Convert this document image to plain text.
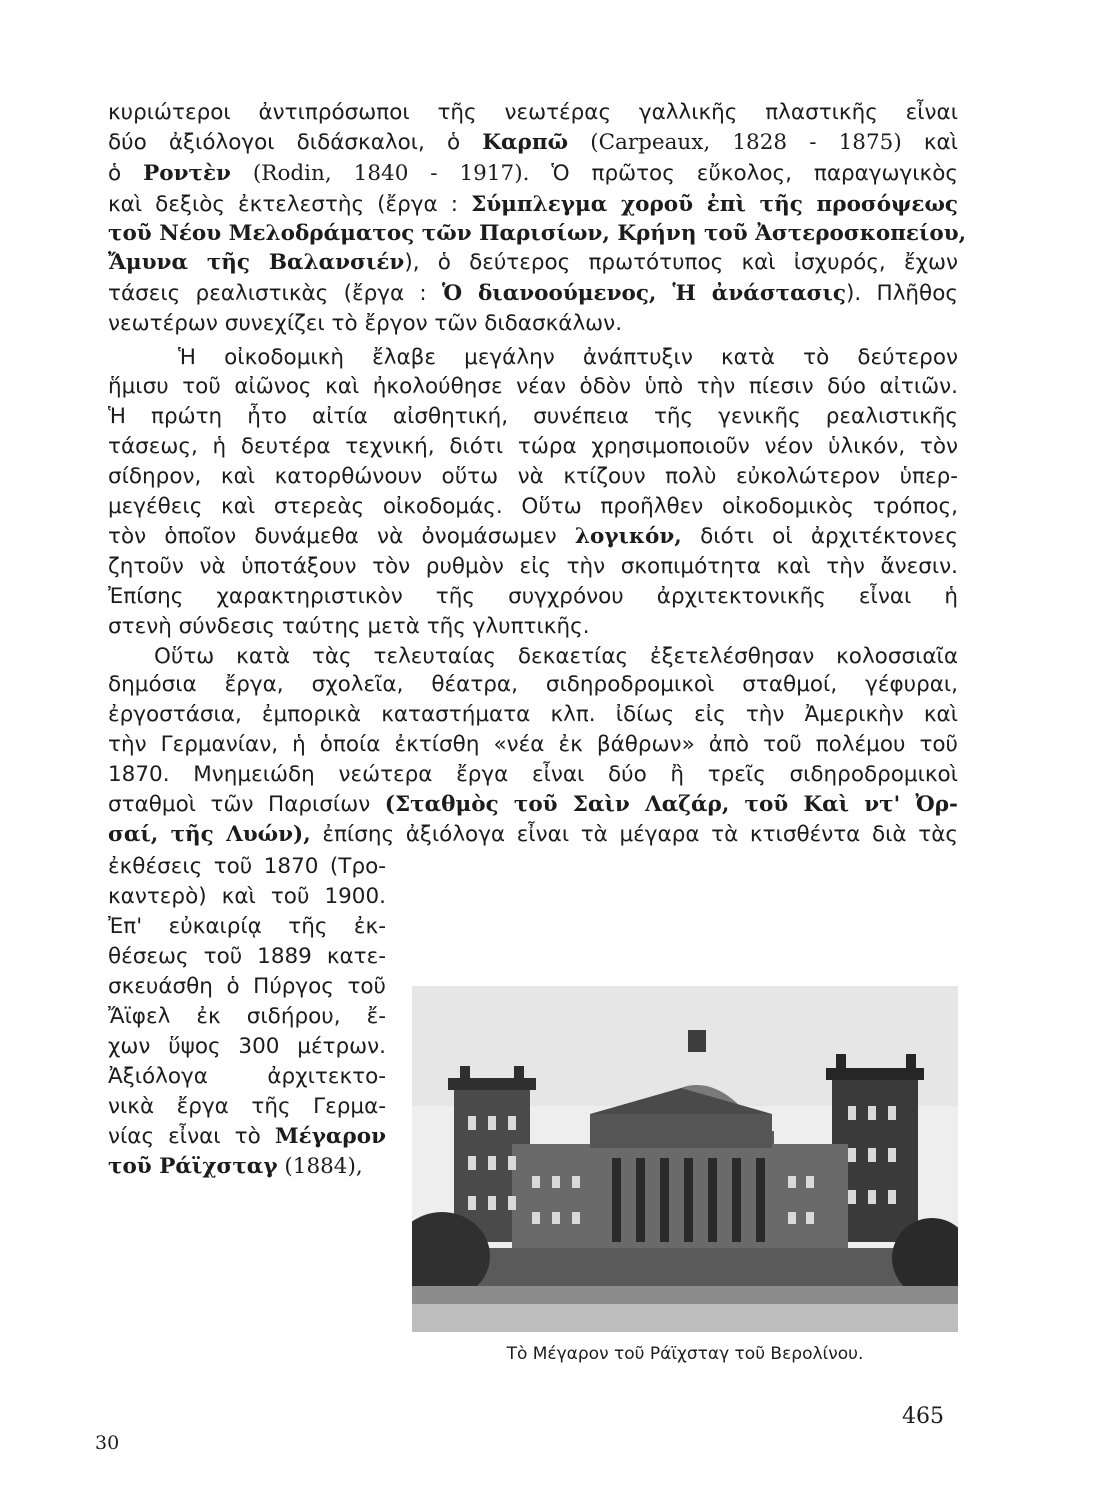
κυριώτεροι ἀντιπρόσωποι τῆς νεωτέρας γαλλικῆς πλαστικῆς εἶναι
δύο ἀξιόλογοι διδάσκαλοι, ὁ Καρπῶ (Carpeaux, 1828 - 1875) καὶ
ὁ Ροντὲν (Rodin, 1840 - 1917). Ὁ πρῶτος εὔκολος, παραγωγικὸς
καὶ δεξιὸς ἐκτελεστὴς (ἔργα : Σύμπλεγμα χοροῦ ἐπὶ τῆς προσόψεως
τοῦ Νέου Μελοδράματος τῶν Παρισίων, Κρήνη τοῦ Ἀστεροσκοπείου,
Ἄμυνα τῆς Βαλανσιέν), ὁ δεύτερος πρωτότυπος καὶ ἰσχυρός, ἔχων
τάσεις ρεαλιστικὰς (ἔργα : Ὁ διανοούμενος, Ἡ ἀνάστασις). Πλῆθος
νεωτέρων συνεχίζει τὸ ἔργον τῶν διδασκάλων.
Ἡ οἰκοδομικὴ ἔλαβε μεγάλην ἀνάπτυξιν κατὰ τὸ δεύτερον
ἥμισυ τοῦ αἰῶνος καὶ ἠκολούθησε νέαν ὁδὸν ὑπὸ τὴν πίεσιν δύο αἰτιῶν.
Ἡ πρώτη ἦτο αἰτία αἰσθητική, συνέπεια τῆς γενικῆς ρεαλιστικῆς
τάσεως, ἡ δευτέρα τεχνική, διότι τώρα χρησιμοποιοῦν νέον ὑλικόν, τὸν
σίδηρον, καὶ κατορθώνουν οὕτω νὰ κτίζουν πολὺ εὐκολώτερον ὑπερ-
μεγέθεις καὶ στερεὰς οἰκοδομάς. Οὕτω προῆλθεν οἰκοδομικὸς τρόπος,
τὸν ὁποῖον δυνάμεθα νὰ ὀνομάσωμεν λογικόν, διότι οἱ ἀρχιτέκτονες
ζητοῦν νὰ ὑποτάξουν τὸν ρυθμὸν εἰς τὴν σκοπιμότητα καὶ τὴν ἄνεσιν.
Ἐπίσης χαρακτηριστικὸν τῆς συγχρόνου ἀρχιτεκτονικῆς εἶναι ἡ
στενὴ σύνδεσις ταύτης μετὰ τῆς γλυπτικῆς.
Οὕτω κατὰ τὰς τελευταίας δεκαετίας ἐξετελέσθησαν κολοσσιαῖα
δημόσια ἔργα, σχολεῖα, θέατρα, σιδηροδρομικοὶ σταθμοί, γέφυραι,
ἐργοστάσια, ἐμπορικὰ καταστήματα κλπ. ἰδίως εἰς τὴν Ἀμερικὴν καὶ
τὴν Γερμανίαν, ἡ ὁποία ἐκτίσθη «νέα ἐκ βάθρων» ἀπὸ τοῦ πολέμου τοῦ
1870. Μνημειώδη νεώτερα ἔργα εἶναι δύο ἢ τρεῖς σιδηροδρομικοὶ
σταθμοὶ τῶν Παρισίων (Σταθμὸς τοῦ Σαὶν Λαζάρ, τοῦ Καὶ ντ' Ὀρ-
σαί, τῆς Λυών), ἐπίσης ἀξιόλογα εἶναι τὰ μέγαρα τὰ κτισθέντα διὰ τὰς
ἐκθέσεις τοῦ 1870 (Τρο-
καντερὸ) καὶ τοῦ 1900.
Ἐπ' εὐκαιρίᾳ τῆς ἐκ-
θέσεως τοῦ 1889 κατε-
σκευάσθη ὁ Πύργος τοῦ
Ἄϊφελ ἐκ σιδήρου, ἔ-
χων ὕψος 300 μέτρων.
Ἀξιόλογα ἀρχιτεκτο-
νικὰ ἔργα τῆς Γερμα-
νίας εἶναι τὸ Μέγαρον
τοῦ Ράϊχσταγ (1884),
Τὸ Μέγαρον τοῦ Ράϊχσταγ τοῦ Βερολίνου.
465
30
